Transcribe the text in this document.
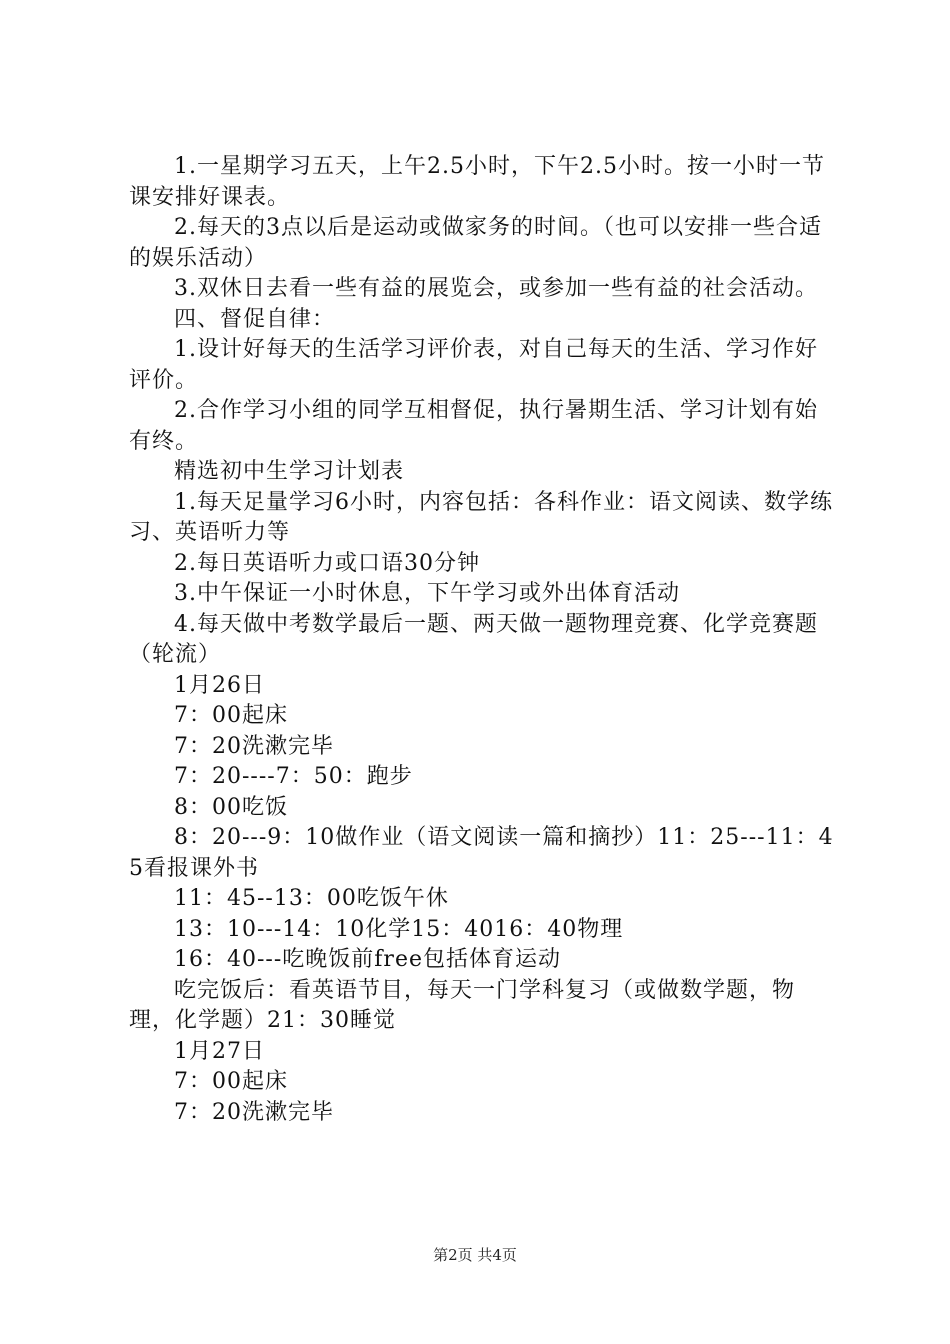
1.一星期学习五天，上午2.5小时，下午2.5小时。按一小时一节课安排好课表。

2.每天的3点以后是运动或做家务的时间。（也可以安排一些合适的娱乐活动）

3.双休日去看一些有益的展览会，或参加一些有益的社会活动。

四、督促自律：

1.设计好每天的生活学习评价表，对自己每天的生活、学习作好评价。

2.合作学习小组的同学互相督促，执行暑期生活、学习计划有始有终。

精选初中生学习计划表

1.每天足量学习6小时，内容包括：各科作业：语文阅读、数学练习、英语听力等

2.每日英语听力或口语30分钟

3.中午保证一小时休息，下午学习或外出体育活动

4.每天做中考数学最后一题、两天做一题物理竞赛、化学竞赛题（轮流）

1月26日

7：00起床

7：20洗漱完毕

7：20----7：50：跑步

8：00吃饭

8：20---9：10做作业（语文阅读一篇和摘抄）11：25---11：45看报课外书

11：45--13：00吃饭午休

13：10---14：10化学15：4016：40物理

16：40---吃晚饭前free包括体育运动

吃完饭后：看英语节目，每天一门学科复习（或做数学题，物理，化学题）21：30睡觉

1月27日

7：00起床

7：20洗漱完毕

第2页 共4页
